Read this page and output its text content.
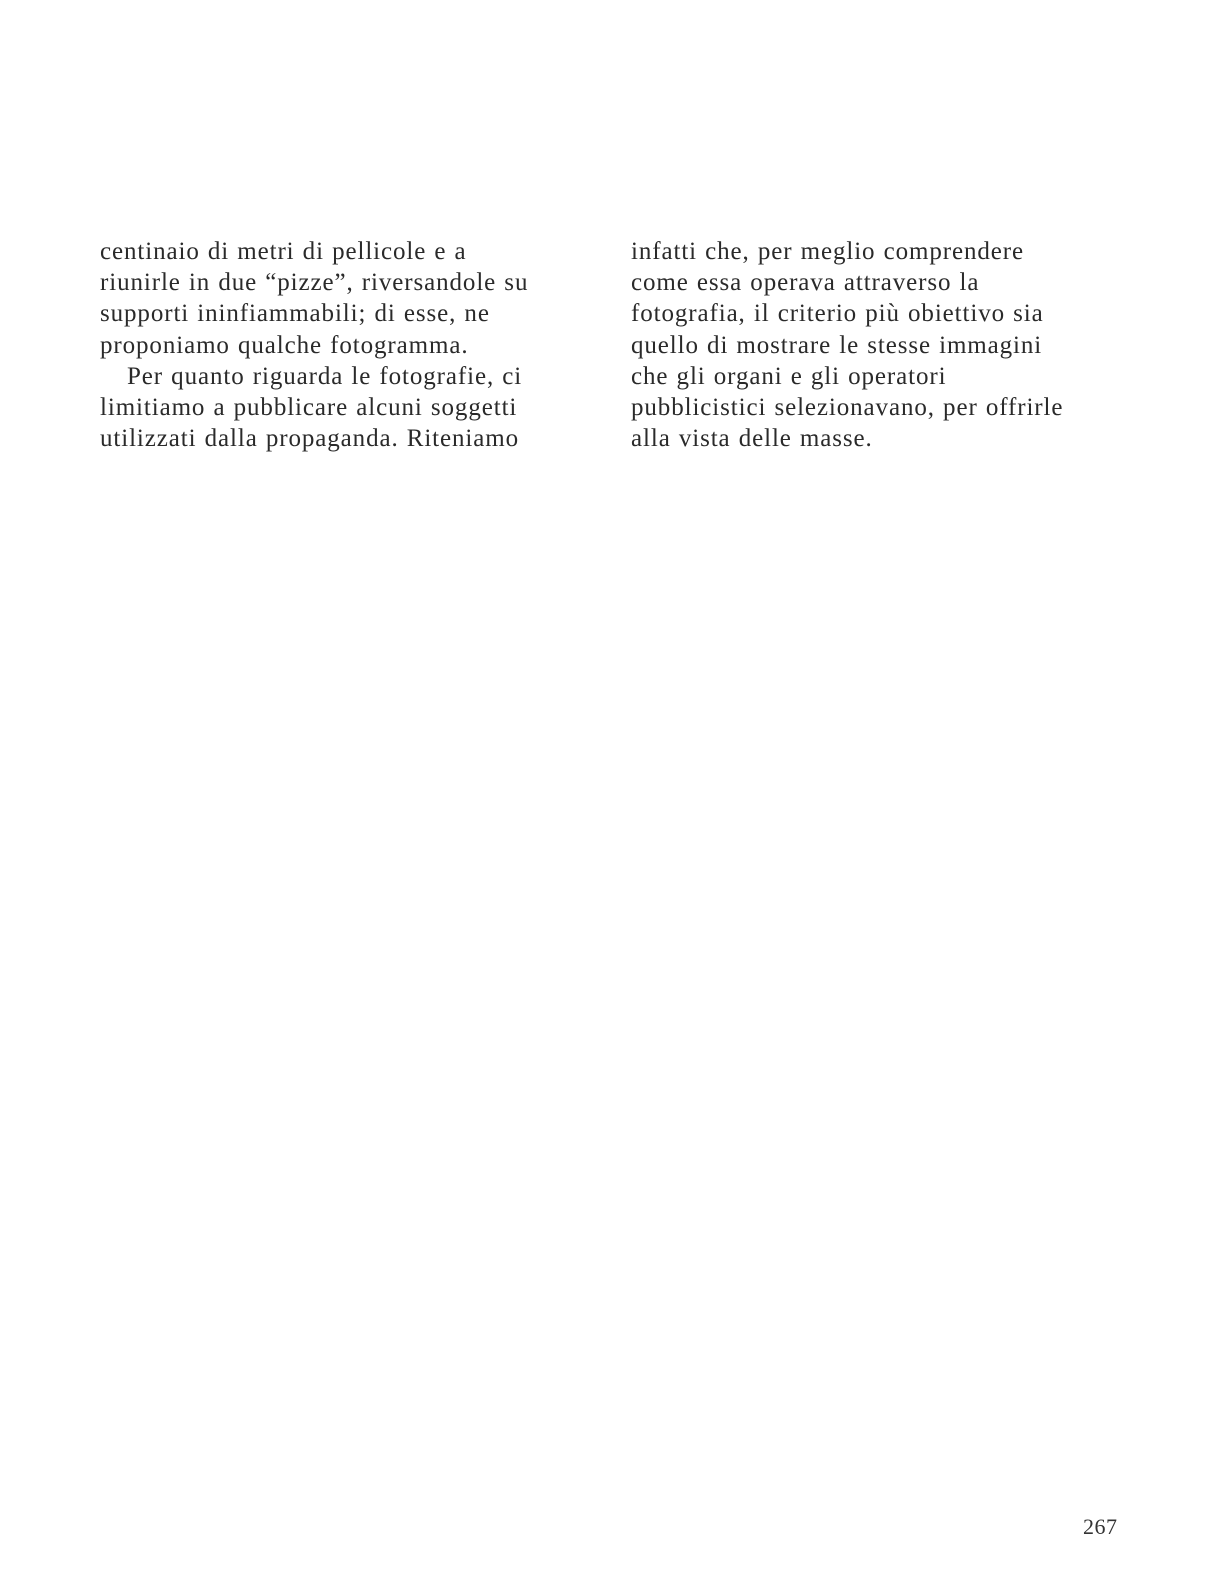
centinaio di metri di pellicole e a
riunirle in due “pizze”, riversandole su
supporti ininfiammabili; di esse, ne
proponiamo qualche fotogramma.
Per quanto riguarda le fotografie, ci
limitiamo a pubblicare alcuni soggetti
utilizzati dalla propaganda. Riteniamo
infatti che, per meglio comprendere
come essa operava attraverso la
fotografia, il criterio più obiettivo sia
quello di mostrare le stesse immagini
che gli organi e gli operatori
pubblicistici selezionavano, per offrirle
alla vista delle masse.
267
